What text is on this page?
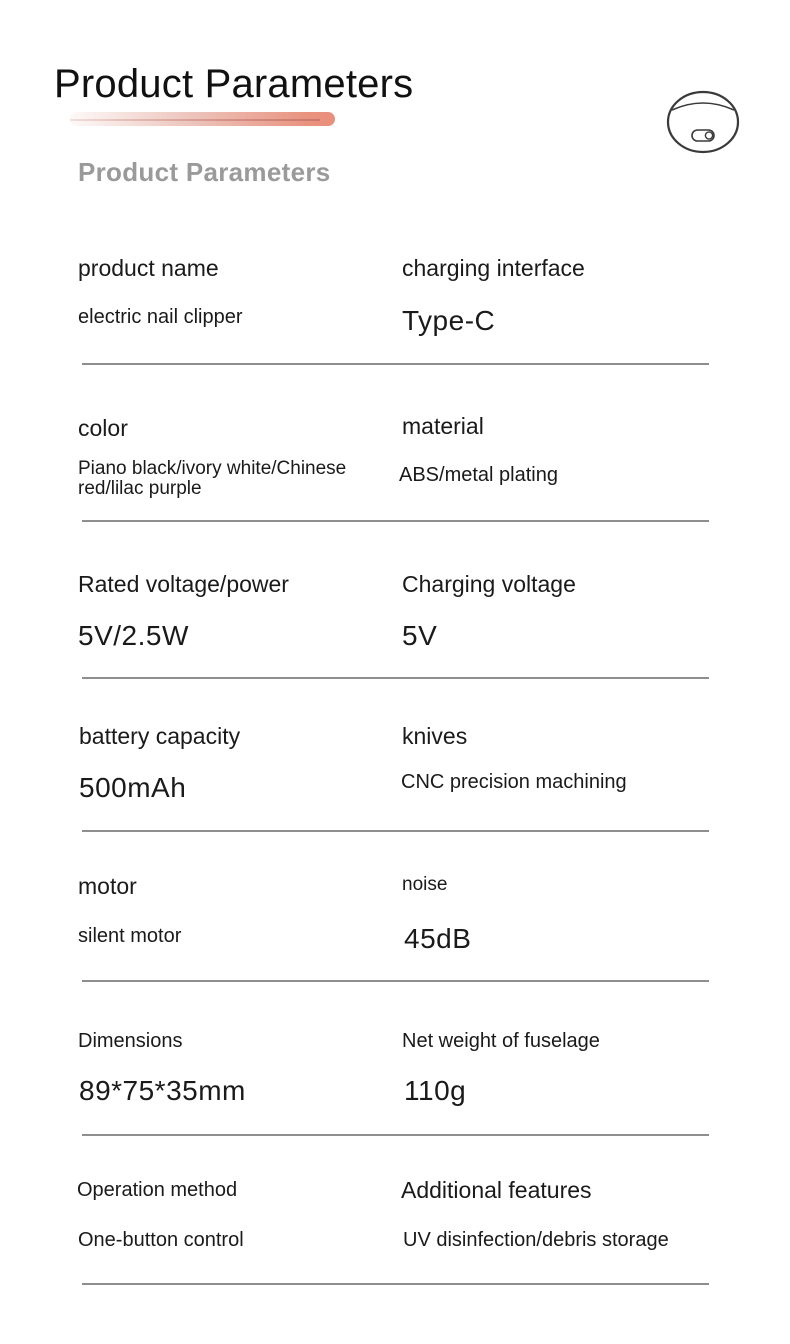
Product Parameters
Product Parameters
product name
electric nail clipper
charging interface
Type-C
color
Piano black/ivory white/Chinese red/lilac purple
material
ABS/metal plating
Rated voltage/power
5V/2.5W
Charging voltage
5V
battery capacity
500mAh
knives
CNC precision machining
motor
silent motor
noise
45dB
Dimensions
89*75*35mm
Net weight of fuselage
110g
Operation method
One-button control
Additional features
UV disinfection/debris storage
